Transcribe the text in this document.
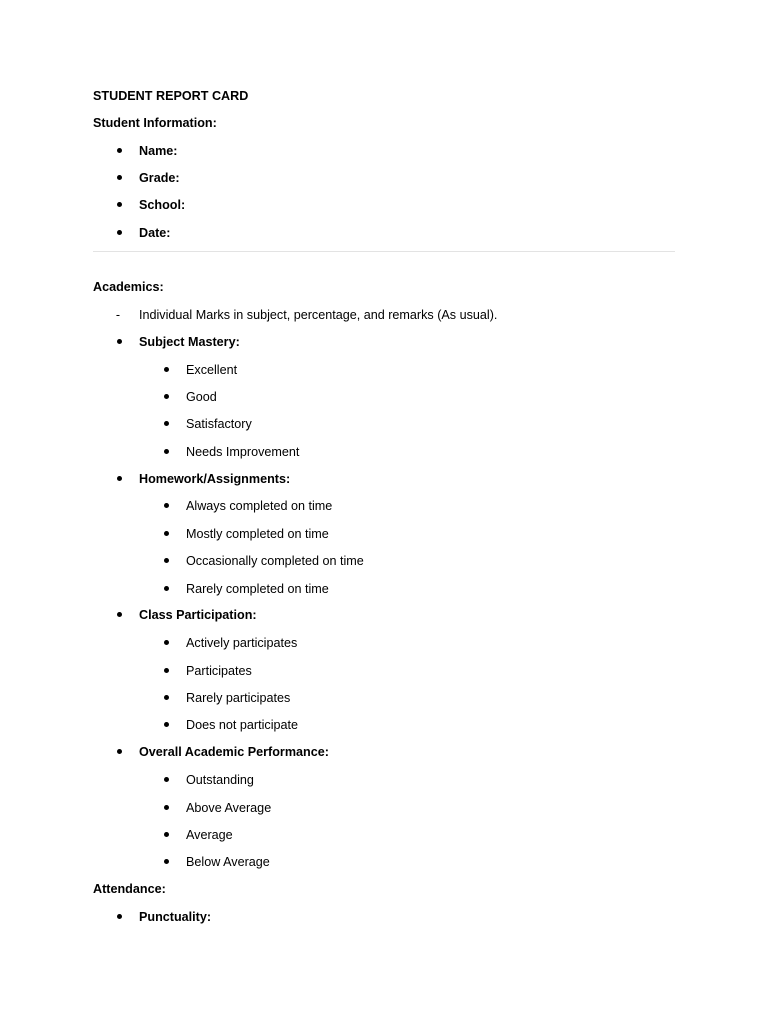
STUDENT REPORT CARD
Student Information:
Name:
Grade:
School:
Date:
Academics:
- Individual Marks in subject, percentage, and remarks (As usual).
Subject Mastery:
Excellent
Good
Satisfactory
Needs Improvement
Homework/Assignments:
Always completed on time
Mostly completed on time
Occasionally completed on time
Rarely completed on time
Class Participation:
Actively participates
Participates
Rarely participates
Does not participate
Overall Academic Performance:
Outstanding
Above Average
Average
Below Average
Attendance:
Punctuality:
